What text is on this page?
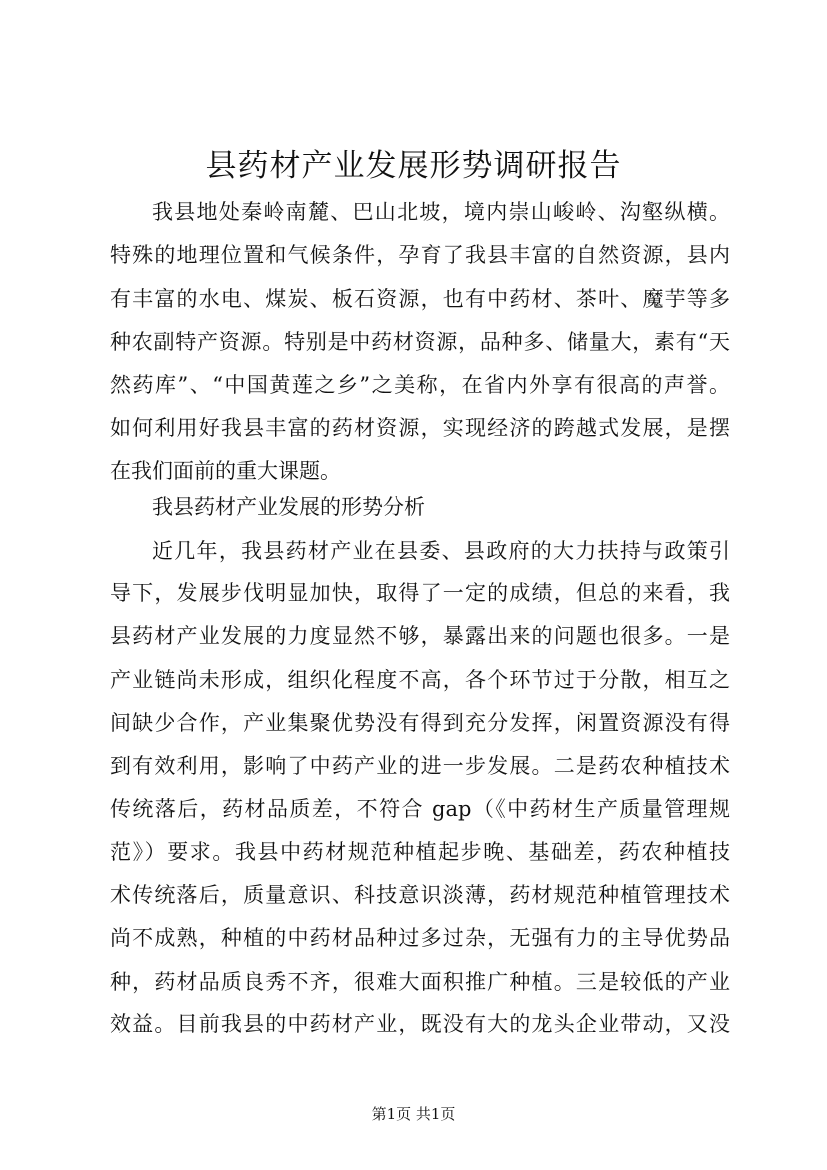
县药材产业发展形势调研报告
我县地处秦岭南麓、巴山北坡，境内崇山峻岭、沟壑纵横。
特殊的地理位置和气候条件，孕育了我县丰富的自然资源，县内
有丰富的水电、煤炭、板石资源，也有中药材、茶叶、魔芋等多
种农副特产资源。特别是中药材资源，品种多、储量大，素有“天
然药库”、“中国黄莲之乡”之美称，在省内外享有很高的声誉。
如何利用好我县丰富的药材资源，实现经济的跨越式发展，是摆
在我们面前的重大课题。
我县药材产业发展的形势分析
近几年，我县药材产业在县委、县政府的大力扶持与政策引
导下，发展步伐明显加快，取得了一定的成绩，但总的来看，我
县药材产业发展的力度显然不够，暴露出来的问题也很多。一是
产业链尚未形成，组织化程度不高，各个环节过于分散，相互之
间缺少合作，产业集聚优势没有得到充分发挥，闲置资源没有得
到有效利用，影响了中药产业的进一步发展。二是药农种植技术
传统落后，药材品质差，不符合 gap（《中药材生产质量管理规
范》）要求。我县中药材规范种植起步晚、基础差，药农种植技
术传统落后，质量意识、科技意识淡薄，药材规范种植管理技术
尚不成熟，种植的中药材品种过多过杂，无强有力的主导优势品
种，药材品质良秀不齐，很难大面积推广种植。三是较低的产业
效益。目前我县的中药材产业，既没有大的龙头企业带动，又没
第1页 共1页
